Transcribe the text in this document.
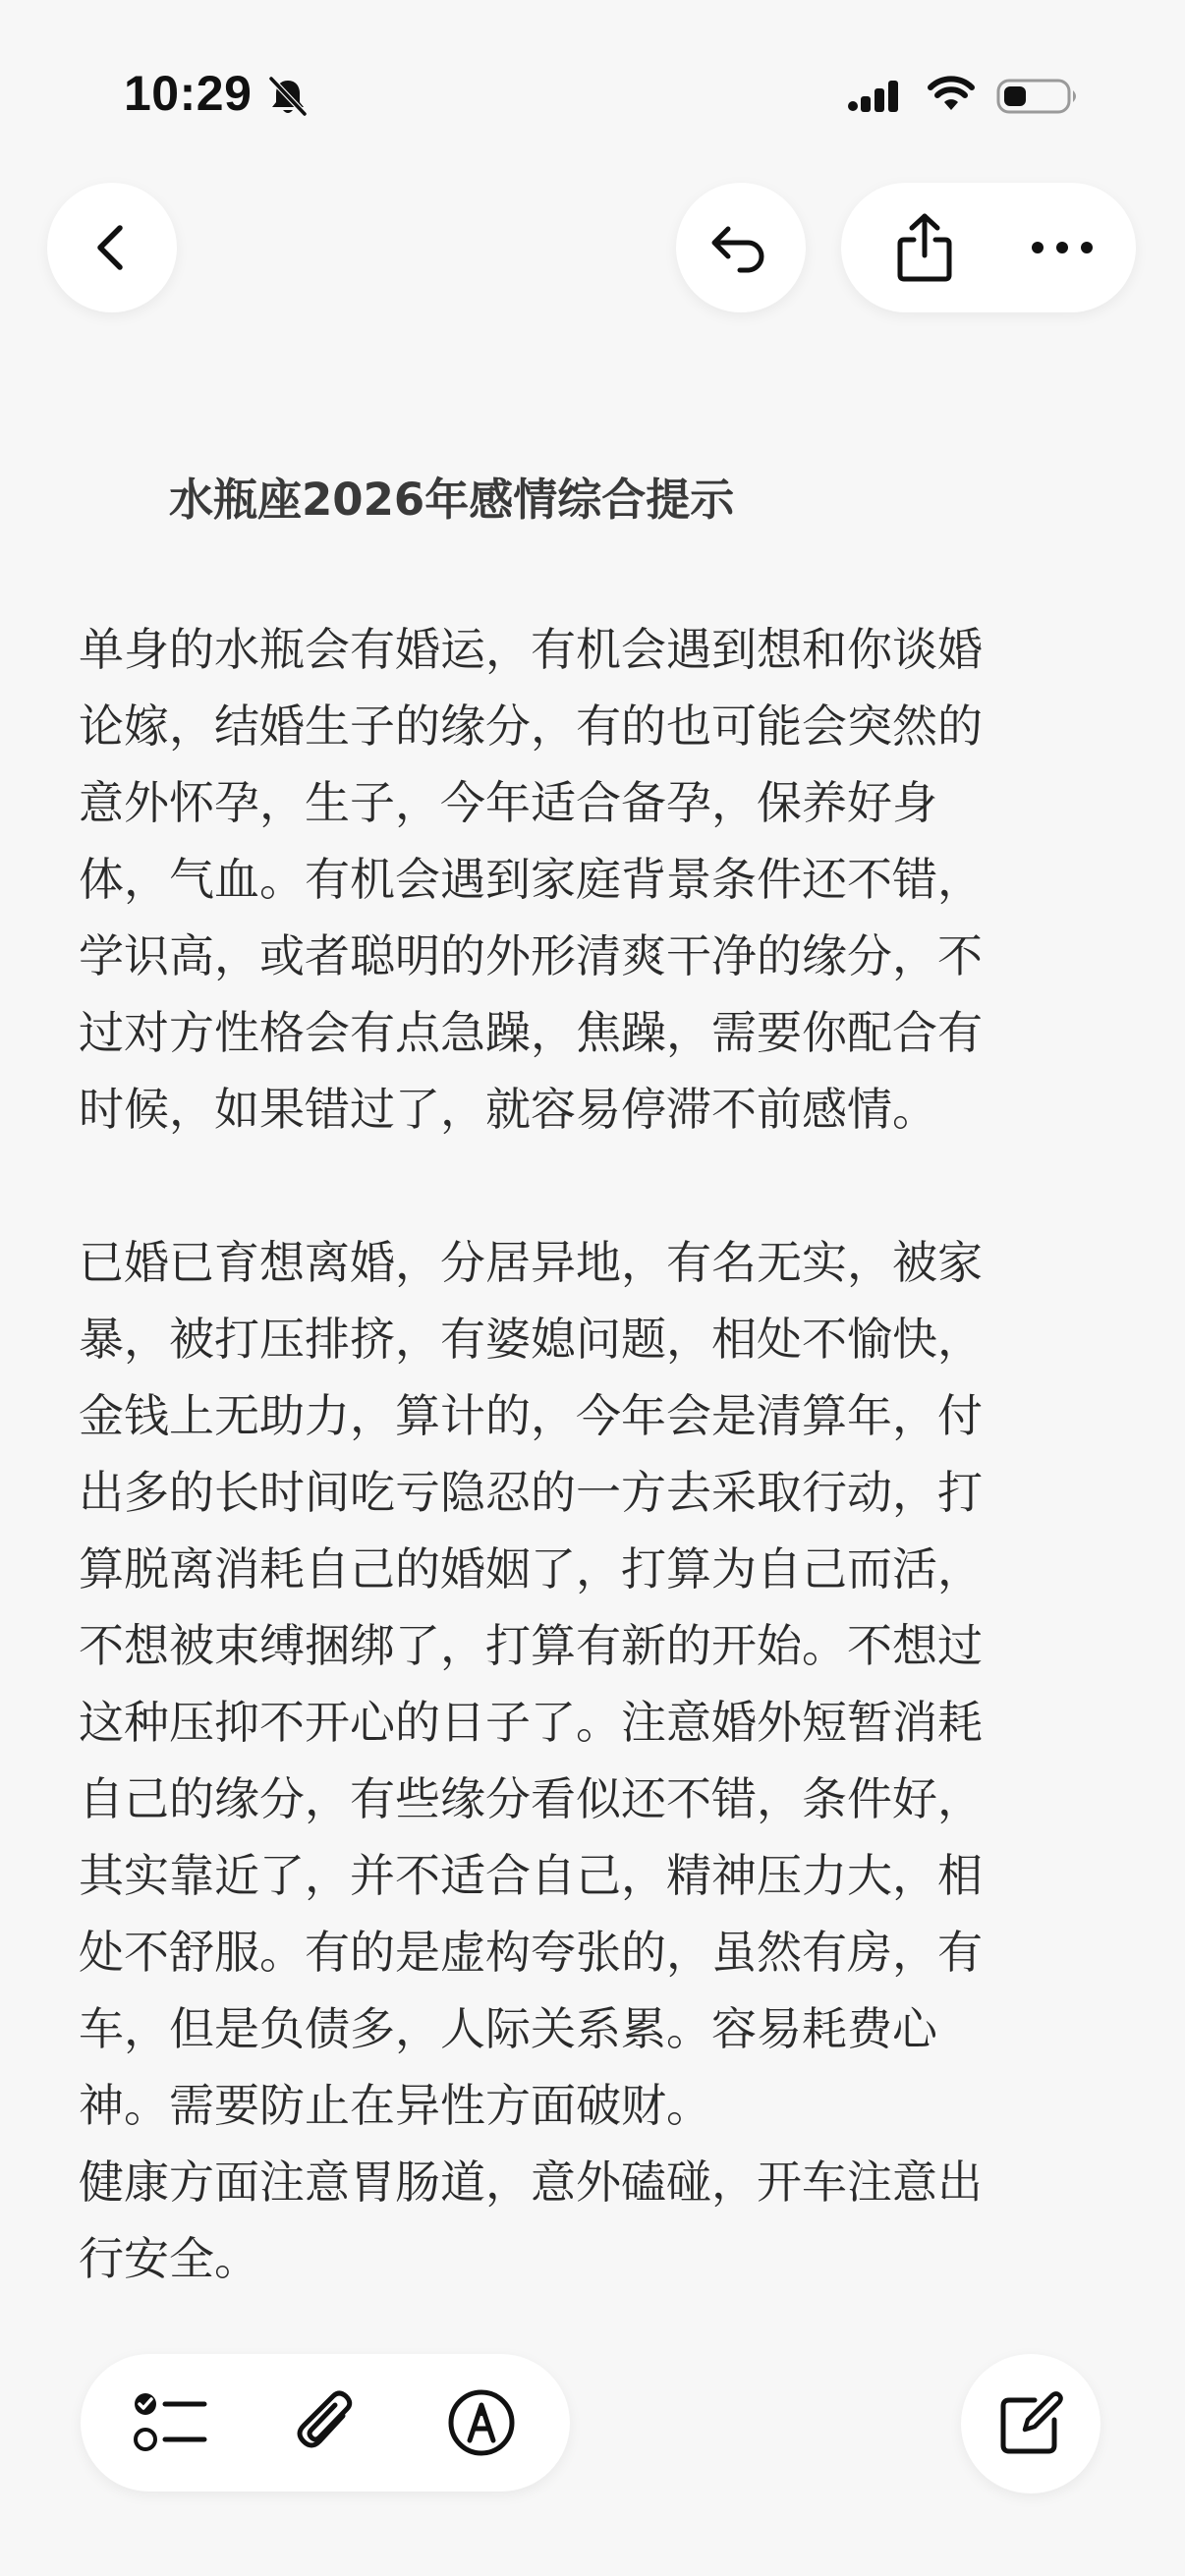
10:29
水瓶座2026年感情综合提示

单身的水瓶会有婚运，有机会遇到想和你谈婚
论嫁，结婚生子的缘分，有的也可能会突然的
意外怀孕，生子，今年适合备孕，保养好身
体，气血。有机会遇到家庭背景条件还不错，
学识高，或者聪明的外形清爽干净的缘分，不
过对方性格会有点急躁，焦躁，需要你配合有
时候，如果错过了，就容易停滞不前感情。

已婚已育想离婚，分居异地，有名无实，被家
暴，被打压排挤，有婆媳问题，相处不愉快，
金钱上无助力，算计的，今年会是清算年，付
出多的长时间吃亏隐忍的一方去采取行动，打
算脱离消耗自己的婚姻了，打算为自己而活，
不想被束缚捆绑了，打算有新的开始。不想过
这种压抑不开心的日子了。注意婚外短暂消耗
自己的缘分，有些缘分看似还不错，条件好，
其实靠近了，并不适合自己，精神压力大，相
处不舒服。有的是虚构夸张的，虽然有房，有
车，但是负债多，人际关系累。容易耗费心
神。需要防止在异性方面破财。
健康方面注意胃肠道，意外磕碰，开车注意出
行安全。
